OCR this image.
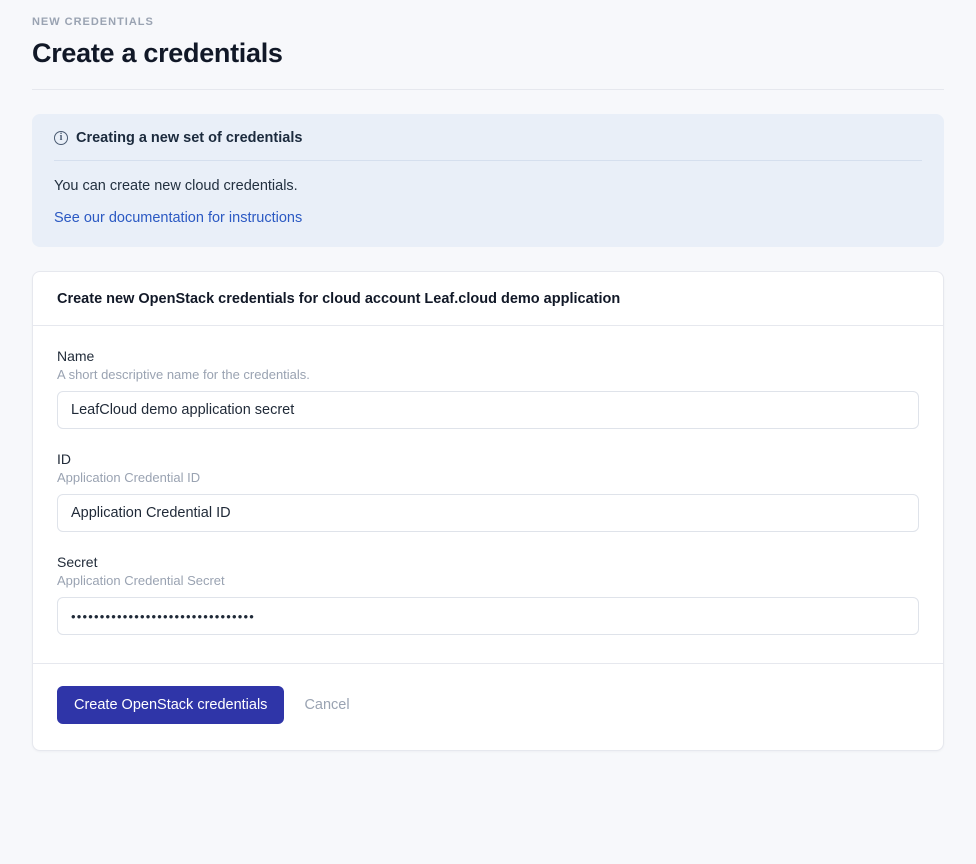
NEW CREDENTIALS
Create a credentials
i Creating a new set of credentials

You can create new cloud credentials.

See our documentation for instructions
Create new OpenStack credentials for cloud account Leaf.cloud demo application
Name
A short descriptive name for the credentials.
LeafCloud demo application secret
ID
Application Credential ID
Application Credential ID
Secret
Application Credential Secret
••••••••••••••••••••••••••••••••
Create OpenStack credentials	Cancel
